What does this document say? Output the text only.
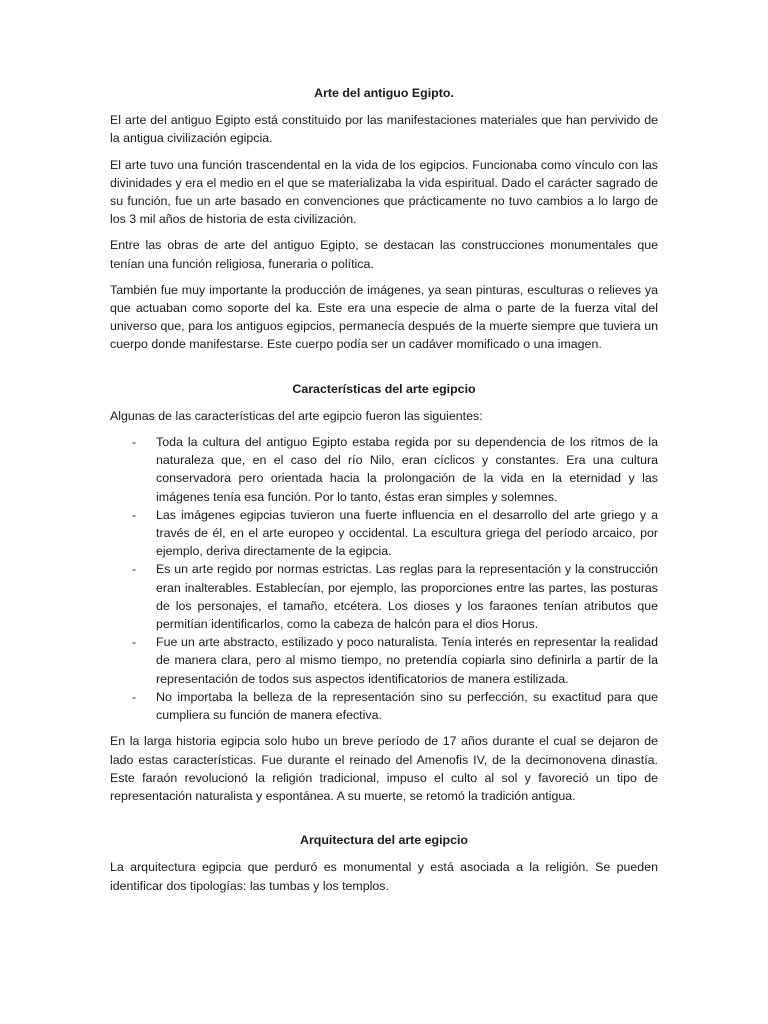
Arte del antiguo Egipto.

El arte del antiguo Egipto está constituido por las manifestaciones materiales que han pervivido de la antigua civilización egipcia.

El arte tuvo una función trascendental en la vida de los egipcios. Funcionaba como vínculo con las divinidades y era el medio en el que se materializaba la vida espiritual. Dado el carácter sagrado de su función, fue un arte basado en convenciones que prácticamente no tuvo cambios a lo largo de los 3 mil años de historia de esta civilización.

Entre las obras de arte del antiguo Egipto, se destacan las construcciones monumentales que tenían una función religiosa, funeraria o política.

También fue muy importante la producción de imágenes, ya sean pinturas, esculturas o relieves ya que actuaban como soporte del ka. Este era una especie de alma o parte de la fuerza vital del universo que, para los antiguos egipcios, permanecía después de la muerte siempre que tuviera un cuerpo donde manifestarse. Este cuerpo podía ser un cadáver momificado o una imagen.

Características del arte egipcio

Algunas de las características del arte egipcio fueron las siguientes:

- Toda la cultura del antiguo Egipto estaba regida por su dependencia de los ritmos de la naturaleza que, en el caso del río Nilo, eran cíclicos y constantes. Era una cultura conservadora pero orientada hacia la prolongación de la vida en la eternidad y las imágenes tenía esa función. Por lo tanto, éstas eran simples y solemnes.
- Las imágenes egipcias tuvieron una fuerte influencia en el desarrollo del arte griego y a través de él, en el arte europeo y occidental. La escultura griega del período arcaico, por ejemplo, deriva directamente de la egipcia.
- Es un arte regido por normas estrictas. Las reglas para la representación y la construcción eran inalterables. Establecían, por ejemplo, las proporciones entre las partes, las posturas de los personajes, el tamaño, etcétera. Los dioses y los faraones tenían atributos que permitían identificarlos, como la cabeza de halcón para el dios Horus.
- Fue un arte abstracto, estilizado y poco naturalista. Tenía interés en representar la realidad de manera clara, pero al mismo tiempo, no pretendía copiarla sino definirla a partir de la representación de todos sus aspectos identificatorios de manera estilizada.
- No importaba la belleza de la representación sino su perfección, su exactitud para que cumpliera su función de manera efectiva.

En la larga historia egipcia solo hubo un breve período de 17 años durante el cual se dejaron de lado estas características. Fue durante el reinado del Amenofis IV, de la decimonovena dinastía. Este faraón revolucionó la religión tradicional, impuso el culto al sol y favoreció un tipo de representación naturalista y espontánea. A su muerte, se retomó la tradición antigua.

Arquitectura del arte egipcio

La arquitectura egipcia que perduró es monumental y está asociada a la religión. Se pueden identificar dos tipologías: las tumbas y los templos.
